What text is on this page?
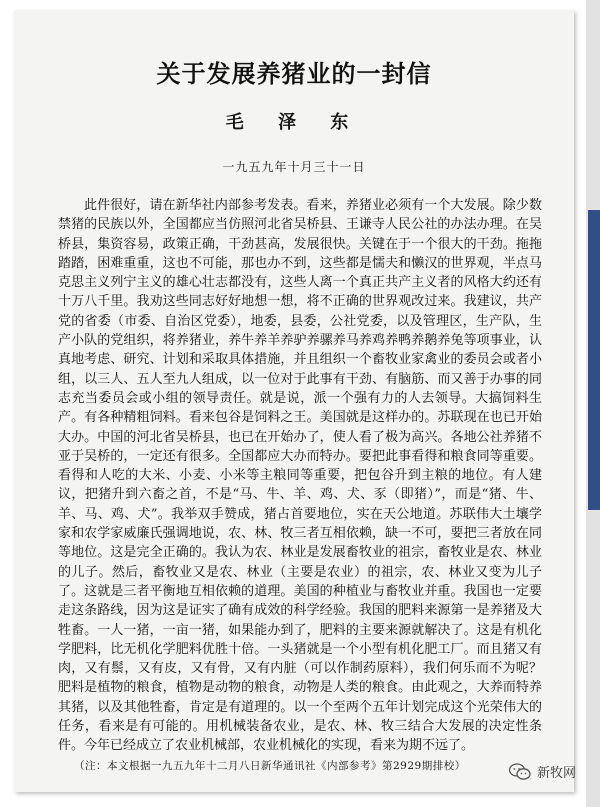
关于发展养猪业的一封信
毛 泽 东
一九五九年十月三十一日
此件很好，请在新华社内部参考发表。看来，养猪业必须有一个大发展。除少数禁猪的民族以外，全国都应当仿照河北省吴桥县、王谦寺人民公社的办法办理。在吴桥县，集资容易，政策正确，干劲甚高，发展很快。关键在于一个很大的干劲。拖拖踏踏，困难重重，这也不可能，那也办不到，这些都是懦夫和懒汉的世界观，半点马克思主义列宁主义的雄心壮志都没有，这些人离一个真正共产主义者的风格大约还有十万八千里。我劝这些同志好好地想一想，将不正确的世界观改过来。我建议，共产党的省委（市委、自治区党委），地委，县委，公社党委，以及管理区，生产队，生产小队的党组织，将养猪业，养牛养羊养驴养骡养马养鸡养鸭养鹅养兔等项事业，认真地考虑、研究、计划和采取具体措施，并且组织一个畜牧业家禽业的委员会或者小组，以三人、五人至九人组成，以一位对于此事有干劲、有脑筋、而又善于办事的同志充当委员会或小组的领导责任。就是说，派一个强有力的人去领导。大搞饲料生产。有各种精粗饲料。看来包谷是饲料之王。美国就是这样办的。苏联现在也已开始大办。中国的河北省吴桥县，也已在开始办了，使人看了极为高兴。各地公社养猪不亚于吴桥的，一定还有很多。全国都应大办而特办。要把此事看得和粮食同等重要。看得和人吃的大米、小麦、小米等主粮同等重要，把包谷升到主粮的地位。有人建议，把猪升到六畜之首，不是“马、牛、羊、鸡、犬、豕（即猪）”，而是“猪、牛、羊、马、鸡、犬”。我举双手赞成，猪占首要地位，实在天公地道。苏联伟大土壤学家和农学家威廉氏强调地说，农、林、牧三者互相依赖，缺一不可，要把三者放在同等地位。这是完全正确的。我认为农、林业是发展畜牧业的祖宗，畜牧业是农、林业的儿子。然后，畜牧业又是农、林业（主要是农业）的祖宗，农、林业又变为儿子了。这就是三者平衡地互相依赖的道理。美国的种植业与畜牧业并重。我国也一定要走这条路线，因为这是证实了确有成效的科学经验。我国的肥料来源第一是养猪及大牲畜。一人一猪，一亩一猪，如果能办到了，肥料的主要来源就解决了。这是有机化学肥料，比无机化学肥料优胜十倍。一头猪就是一个小型有机化肥工厂。而且猪又有肉，又有鬃，又有皮，又有骨，又有内脏（可以作制药原料），我们何乐而不为呢？肥料是植物的粮食，植物是动物的粮食，动物是人类的粮食。由此观之，大养而特养其猪，以及其他牲畜，肯定是有道理的。以一个至两个五年计划完成这个光荣伟大的任务，看来是有可能的。用机械装备农业，是农、林、牧三结合大发展的决定性条件。今年已经成立了农业机械部，农业机械化的实现，看来为期不远了。
（注：本文根据一九五九年十二月八日新华通讯社《内部参考》第2929期排校）	新牧网
